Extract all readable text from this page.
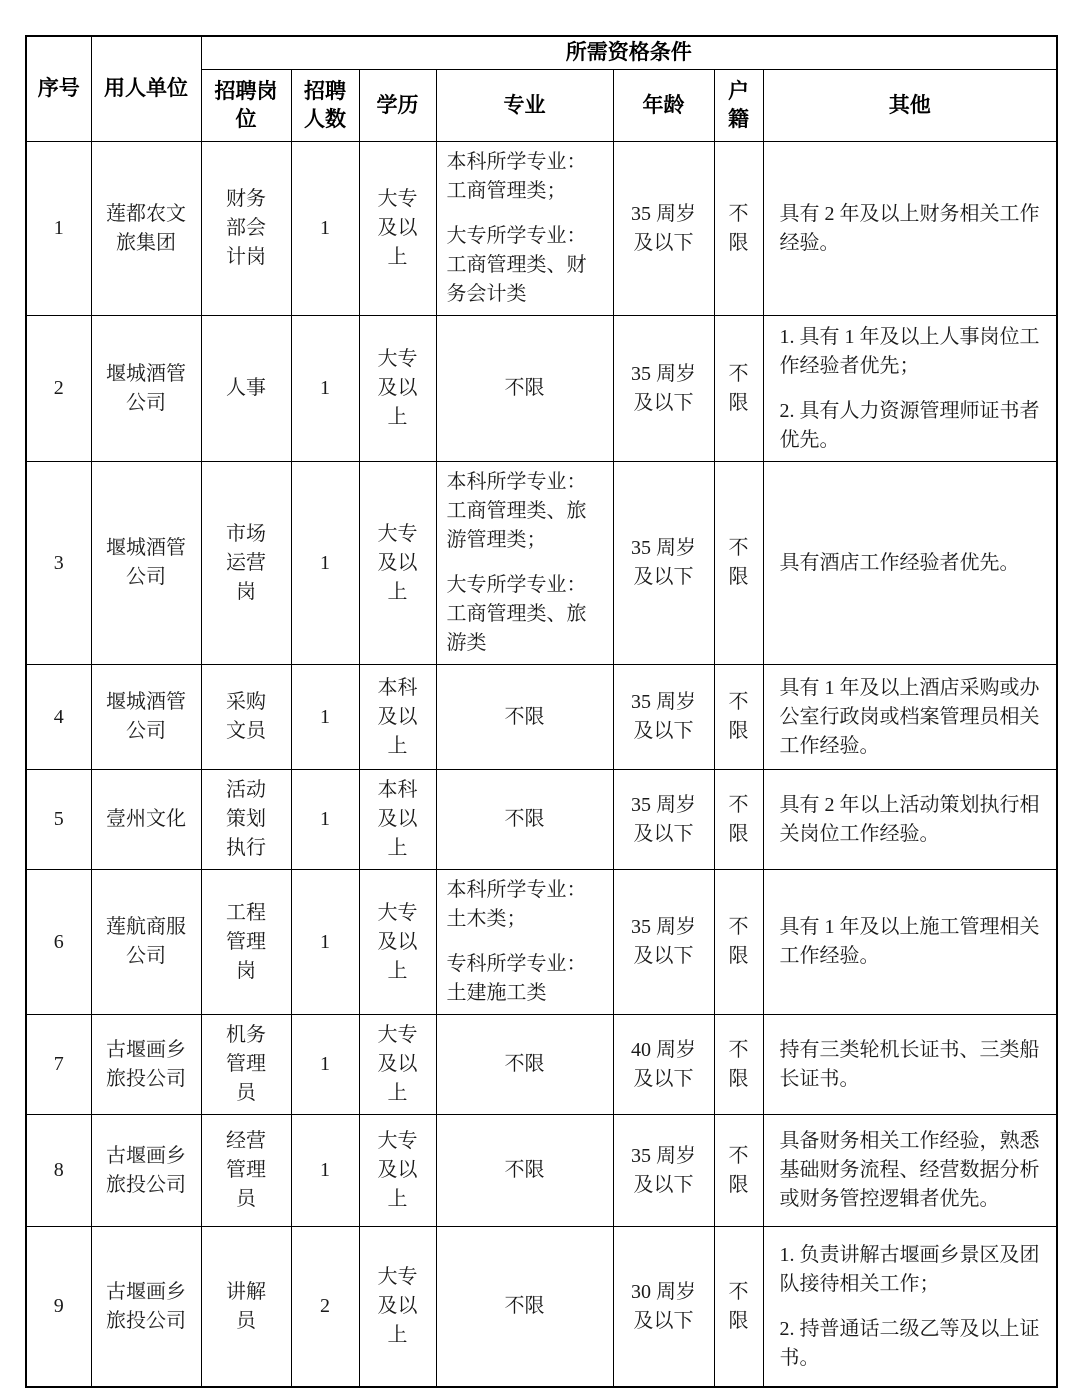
序号	用人单位	所需资格条件						
		招聘岗位	招聘人数	学历	专业	年龄	户籍	其他
1	莲都农文旅集团	财务部会计岗	1	大专及以上	本科所学专业：工商管理类；

大专所学专业：工商管理类、财务会计类	35 周岁及以下	不限	具有 2 年及以上财务相关工作经验。

2	堰城酒管公司	人事	1	大专及以上	不限	35 周岁及以下	不限	1. 具有 1 年及以上人事岗位工作经验者优先；

2. 具有人力资源管理师证书者优先。

3	堰城酒管公司	市场运营岗	1	大专及以上	本科所学专业：工商管理类、旅游管理类；

大专所学专业：工商管理类、旅游类	35 周岁及以下	不限	具有酒店工作经验者优先。

4	堰城酒管公司	采购文员	1	本科及以上	不限	35 周岁及以下	不限	具有 1 年及以上酒店采购或办公室行政岗或档案管理员相关工作经验。

5	壹州文化	活动策划执行	1	本科及以上	不限	35 周岁及以下	不限	具有 2 年以上活动策划执行相关岗位工作经验。

6	莲航商服公司	工程管理岗	1	大专及以上	本科所学专业：土木类；

专科所学专业：土建施工类	35 周岁及以下	不限	具有 1 年及以上施工管理相关工作经验。

7	古堰画乡旅投公司	机务管理员	1	大专及以上	不限	40 周岁及以下	不限	持有三类轮机长证书、三类船长证书。

8	古堰画乡旅投公司	经营管理员	1	大专及以上	不限	35 周岁及以下	不限	具备财务相关工作经验，熟悉基础财务流程、经营数据分析或财务管控逻辑者优先。

9	古堰画乡旅投公司	讲解员	2	大专及以上	不限	30 周岁及以下	不限	1. 负责讲解古堰画乡景区及团队接待相关工作；

2. 持普通话二级乙等及以上证书。
